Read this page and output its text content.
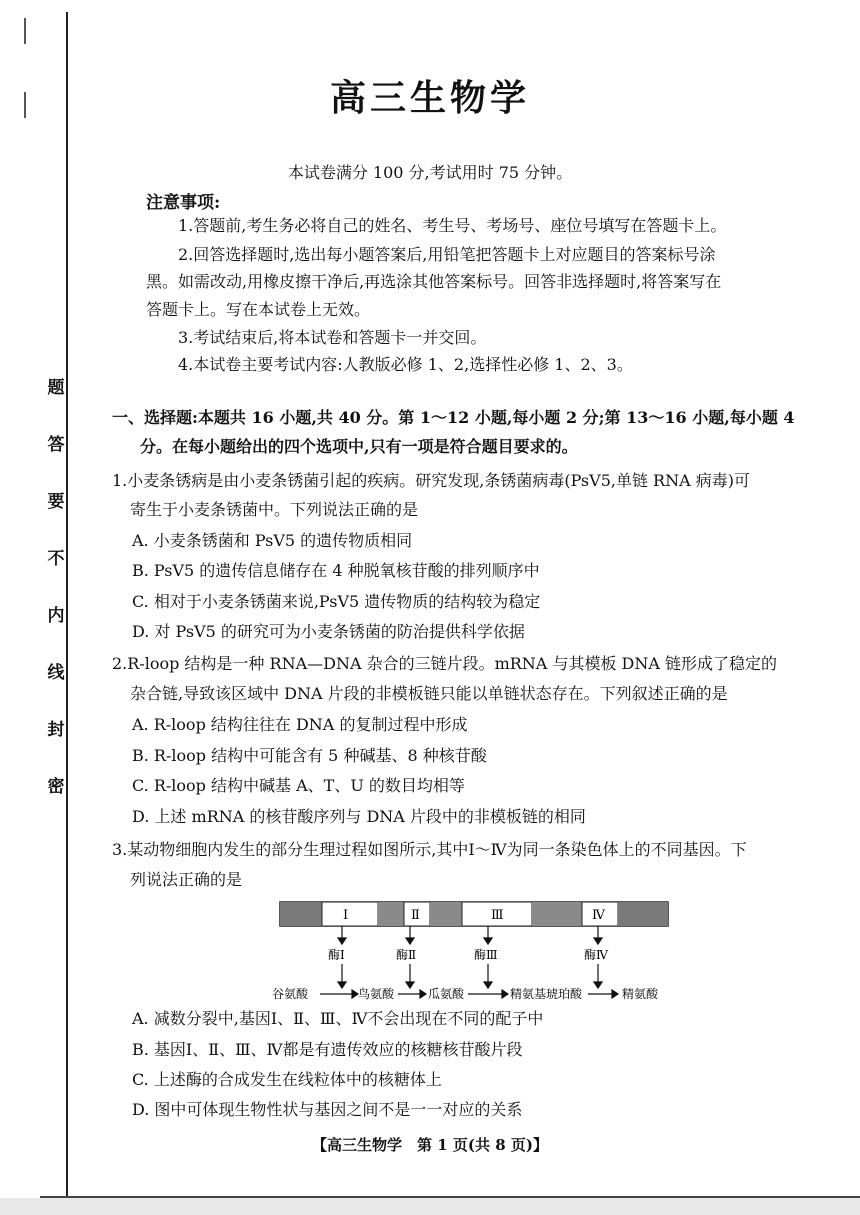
题
答
要
不
内
线
封
密
高三生物学
本试卷满分 100 分,考试用时 75 分钟。
注意事项:
1.答题前,考生务必将自己的姓名、考生号、考场号、座位号填写在答题卡上。
2.回答选择题时,选出每小题答案后,用铅笔把答题卡上对应题目的答案标号涂
黑。如需改动,用橡皮擦干净后,再选涂其他答案标号。回答非选择题时,将答案写在
答题卡上。写在本试卷上无效。
3.考试结束后,将本试卷和答题卡一并交回。
4.本试卷主要考试内容:人教版必修 1、2,选择性必修 1、2、3。
一、选择题:本题共 16 小题,共 40 分。第 1～12 小题,每小题 2 分;第 13～16 小题,每小题 4
分。在每小题给出的四个选项中,只有一项是符合题目要求的。
1.小麦条锈病是由小麦条锈菌引起的疾病。研究发现,条锈菌病毒(PsV5,单链 RNA 病毒)可
寄生于小麦条锈菌中。下列说法正确的是
A. 小麦条锈菌和 PsV5 的遗传物质相同
B. PsV5 的遗传信息储存在 4 种脱氧核苷酸的排列顺序中
C. 相对于小麦条锈菌来说,PsV5 遗传物质的结构较为稳定
D. 对 PsV5 的研究可为小麦条锈菌的防治提供科学依据
2.R-loop 结构是一种 RNA—DNA 杂合的三链片段。mRNA 与其模板 DNA 链形成了稳定的
杂合链,导致该区域中 DNA 片段的非模板链只能以单链状态存在。下列叙述正确的是
A. R-loop 结构往往在 DNA 的复制过程中形成
B. R-loop 结构中可能含有 5 种碱基、8 种核苷酸
C. R-loop 结构中碱基 A、T、U 的数目均相等
D. 上述 mRNA 的核苷酸序列与 DNA 片段中的非模板链的相同
3.某动物细胞内发生的部分生理过程如图所示,其中Ⅰ～Ⅳ为同一条染色体上的不同基因。下
列说法正确的是
Ⅰ	Ⅱ	Ⅲ	Ⅳ
酶Ⅰ	酶Ⅱ	酶Ⅲ	酶Ⅳ
谷氨酸	鸟氨酸	瓜氨酸	精氨基琥珀酸	精氨酸
A. 减数分裂中,基因Ⅰ、Ⅱ、Ⅲ、Ⅳ不会出现在不同的配子中
B. 基因Ⅰ、Ⅱ、Ⅲ、Ⅳ都是有遗传效应的核糖核苷酸片段
C. 上述酶的合成发生在线粒体中的核糖体上
D. 图中可体现生物性状与基因之间不是一一对应的关系
【高三生物学　第 1 页(共 8 页)】
